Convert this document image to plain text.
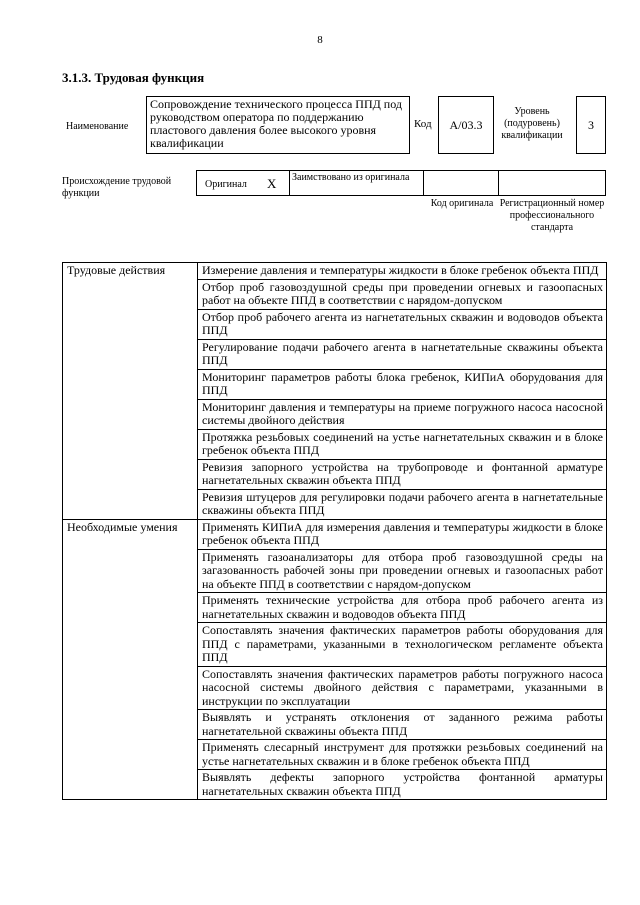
8
3.1.3. Трудовая функция
Наименование
Сопровождение технического процесса ППД под руководством оператора по поддержанию пластового давления более высокого уровня квалификации
Код	А/03.3
Уровень (подуровень) квалификации
3
Происхождение трудовой функции
Оригинал X	Заимствовано из оригинала
Код оригинала Регистрационный номер профессионального стандарта
Трудовые действия	Измерение давления и температуры жидкости в блоке гребенок объекта ППД
	Отбор проб газовоздушной среды при проведении огневых и газоопасных работ на объекте ППД в соответствии с нарядом-допуском
	Отбор проб рабочего агента из нагнетательных скважин и водоводов объекта ППД
	Регулирование подачи рабочего агента в нагнетательные скважины объекта ППД
	Мониторинг параметров работы блока гребенок, КИПиА оборудования для ППД
	Мониторинг давления и температуры на приеме погружного насоса насосной системы двойного действия
	Протяжка резьбовых соединений на устье нагнетательных скважин и в блоке гребенок объекта ППД
	Ревизия запорного устройства на трубопроводе и фонтанной арматуре нагнетательных скважин объекта ППД
	Ревизия штуцеров для регулировки подачи рабочего агента в нагнетательные скважины объекта ППД
Необходимые умения	Применять КИПиА для измерения давления и температуры жидкости в блоке гребенок объекта ППД
	Применять газоанализаторы для отбора проб газовоздушной среды на загазованность рабочей зоны при проведении огневых и газоопасных работ на объекте ППД в соответствии с нарядом-допуском
	Применять технические устройства для отбора проб рабочего агента из нагнетательных скважин и водоводов объекта ППД
	Сопоставлять значения фактических параметров работы оборудования для ППД с параметрами, указанными в технологическом регламенте объекта ППД
	Сопоставлять значения фактических параметров работы погружного насоса насосной системы двойного действия с параметрами, указанными в инструкции по эксплуатации
	Выявлять и устранять отклонения от заданного режима работы нагнетательной скважины объекта ППД
	Применять слесарный инструмент для протяжки резьбовых соединений на устье нагнетательных скважин и в блоке гребенок объекта ППД
	Выявлять дефекты запорного устройства фонтанной арматуры нагнетательных скважин объекта ППД
